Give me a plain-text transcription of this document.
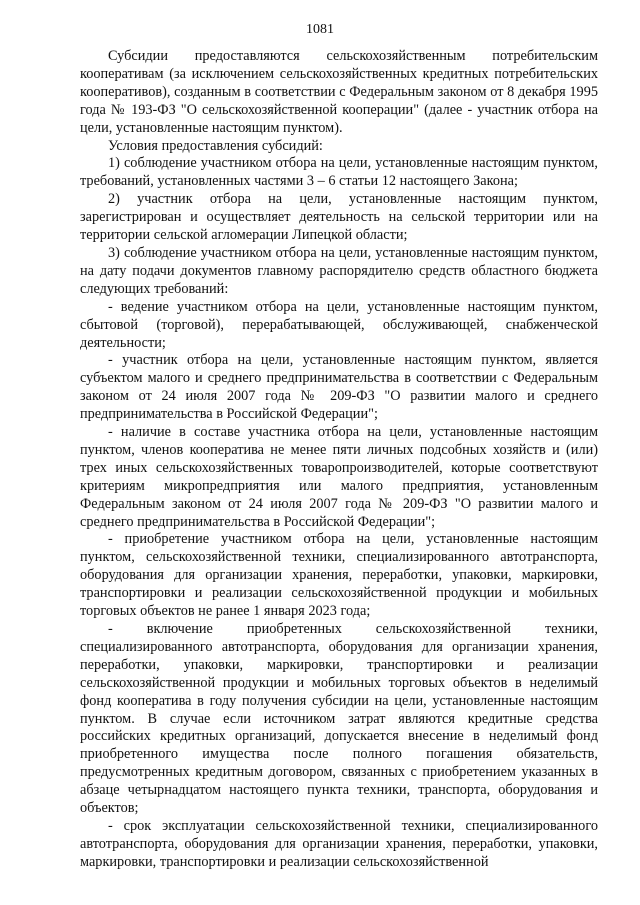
1081

Субсидии предоставляются сельскохозяйственным потребительским кооперативам (за исключением сельскохозяйственных кредитных потребительских кооперативов), созданным в соответствии с Федеральным законом от 8 декабря 1995 года № 193-ФЗ "О сельскохозяйственной кооперации" (далее - участник отбора на цели, установленные настоящим пунктом).

Условия предоставления субсидий:

1) соблюдение участником отбора на цели, установленные настоящим пунктом, требований, установленных частями 3 – 6 статьи 12 настоящего Закона;

2) участник отбора на цели, установленные настоящим пунктом, зарегистрирован и осуществляет деятельность на сельской территории или на территории сельской агломерации Липецкой области;

3) соблюдение участником отбора на цели, установленные настоящим пунктом, на дату подачи документов главному распорядителю средств областного бюджета следующих требований:

- ведение участником отбора на цели, установленные настоящим пунктом, сбытовой (торговой), перерабатывающей, обслуживающей, снабженческой деятельности;

- участник отбора на цели, установленные настоящим пунктом, является субъектом малого и среднего предпринимательства в соответствии с Федеральным законом от 24 июля 2007 года № 209-ФЗ "О развитии малого и среднего предпринимательства в Российской Федерации";

- наличие в составе участника отбора на цели, установленные настоящим пунктом, членов кооператива не менее пяти личных подсобных хозяйств и (или) трех иных сельскохозяйственных товаропроизводителей, которые соответствуют критериям микропредприятия или малого предприятия, установленным Федеральным законом от 24 июля 2007 года № 209-ФЗ "О развитии малого и среднего предпринимательства в Российской Федерации";

- приобретение участником отбора на цели, установленные настоящим пунктом, сельскохозяйственной техники, специализированного автотранспорта, оборудования для организации хранения, переработки, упаковки, маркировки, транспортировки и реализации сельскохозяйственной продукции и мобильных торговых объектов не ранее 1 января 2023 года;

- включение приобретенных сельскохозяйственной техники, специализированного автотранспорта, оборудования для организации хранения, переработки, упаковки, маркировки, транспортировки и реализации сельскохозяйственной продукции и мобильных торговых объектов в неделимый фонд кооператива в году получения субсидии на цели, установленные настоящим пунктом. В случае если источником затрат являются кредитные средства российских кредитных организаций, допускается внесение в неделимый фонд приобретенного имущества после полного погашения обязательств, предусмотренных кредитным договором, связанных с приобретением указанных в абзаце четырнадцатом настоящего пункта техники, транспорта, оборудования и объектов;

- срок эксплуатации сельскохозяйственной техники, специализированного автотранспорта, оборудования для организации хранения, переработки, упаковки, маркировки, транспортировки и реализации сельскохозяйственной
